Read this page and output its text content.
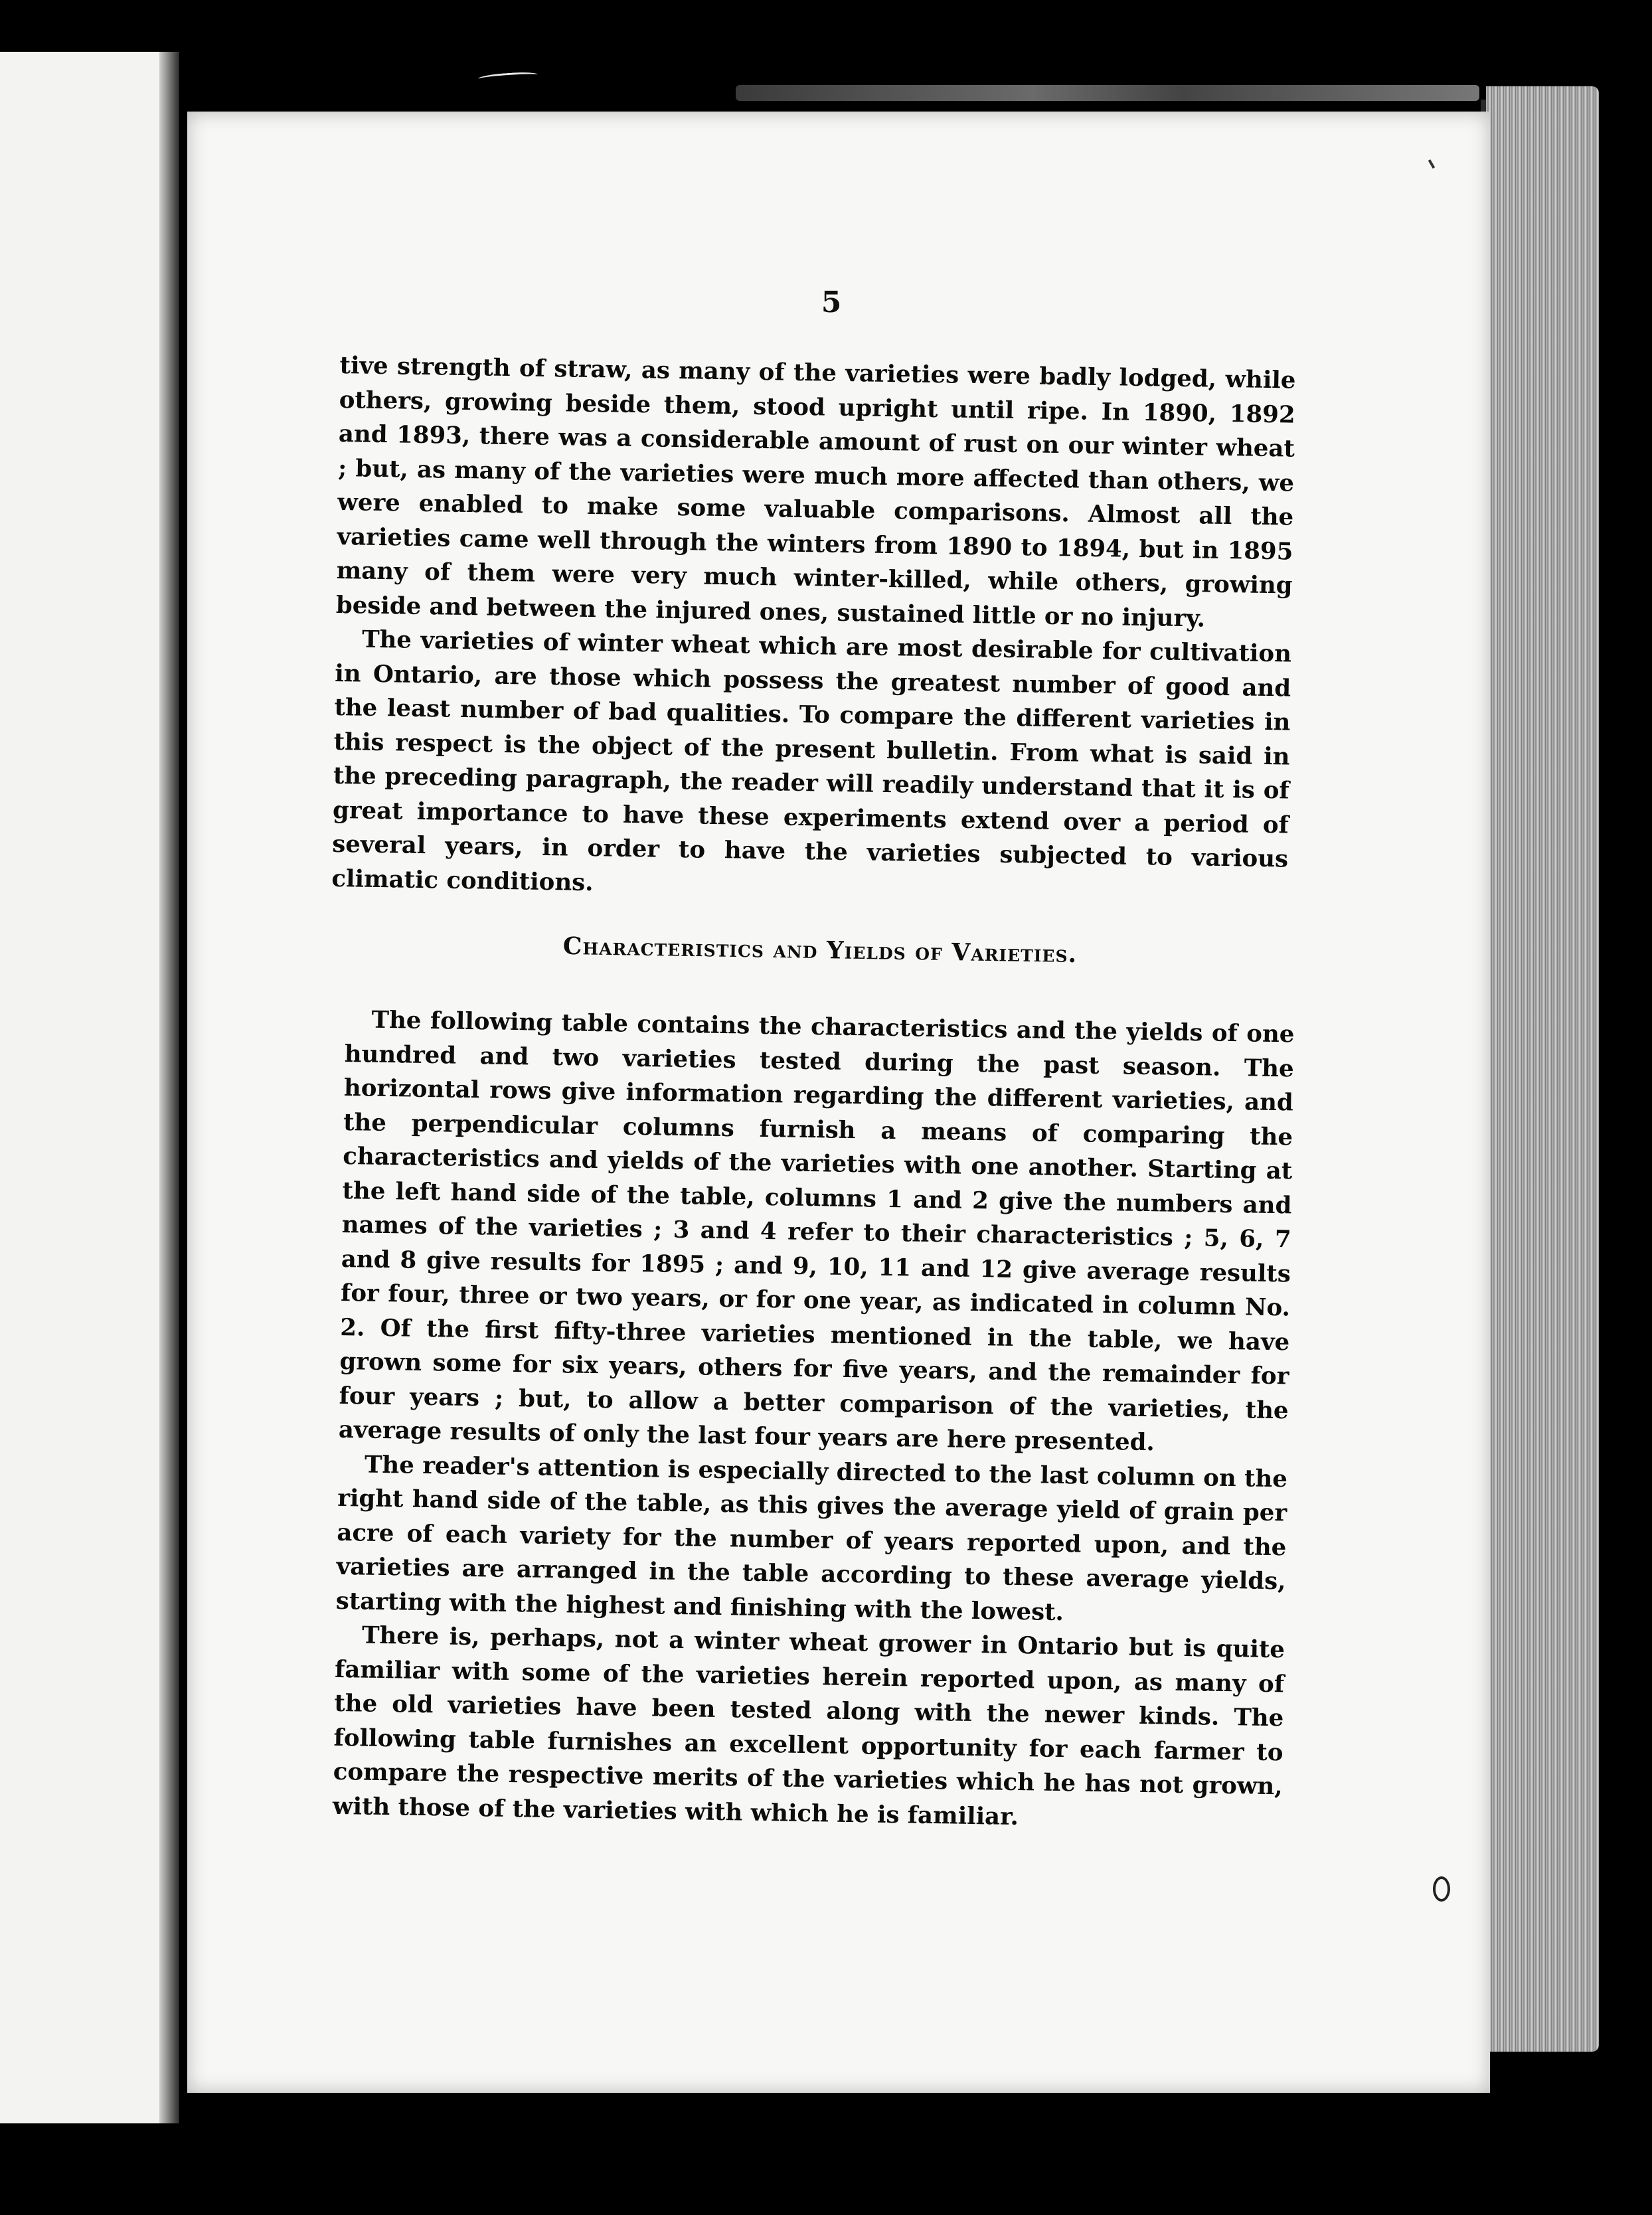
5

tive strength of straw, as many of the varieties were badly lodged, while others, growing beside them, stood upright until ripe. In 1890, 1892 and 1893, there was a considerable amount of rust on our winter wheat ; but, as many of the varieties were much more affected than others, we were enabled to make some valuable comparisons. Almost all the varieties came well through the winters from 1890 to 1894, but in 1895 many of them were very much winter-killed, while others, growing beside and between the injured ones, sustained little or no injury.

The varieties of winter wheat which are most desirable for cultivation in Ontario, are those which possess the greatest number of good and the least number of bad qualities. To compare the different varieties in this respect is the object of the present bulletin. From what is said in the preceding paragraph, the reader will readily understand that it is of great importance to have these experiments extend over a period of several years, in order to have the varieties subjected to various climatic conditions.

Characteristics and Yields of Varieties.

The following table contains the characteristics and the yields of one hundred and two varieties tested during the past season. The horizontal rows give information regarding the different varieties, and the perpendicular columns furnish a means of comparing the characteristics and yields of the varieties with one another. Starting at the left hand side of the table, columns 1 and 2 give the numbers and names of the varieties ; 3 and 4 refer to their characteristics ; 5, 6, 7 and 8 give results for 1895 ; and 9, 10, 11 and 12 give average results for four, three or two years, or for one year, as indicated in column No. 2. Of the first fifty-three varieties mentioned in the table, we have grown some for six years, others for five years, and the remainder for four years ; but, to allow a better comparison of the varieties, the average results of only the last four years are here presented.

The reader's attention is especially directed to the last column on the right hand side of the table, as this gives the average yield of grain per acre of each variety for the number of years reported upon, and the varieties are arranged in the table according to these average yields, starting with the highest and finishing with the lowest.

There is, perhaps, not a winter wheat grower in Ontario but is quite familiar with some of the varieties herein reported upon, as many of the old varieties have been tested along with the newer kinds. The following table furnishes an excellent opportunity for each farmer to compare the respective merits of the varieties which he has not grown, with those of the varieties with which he is familiar.
